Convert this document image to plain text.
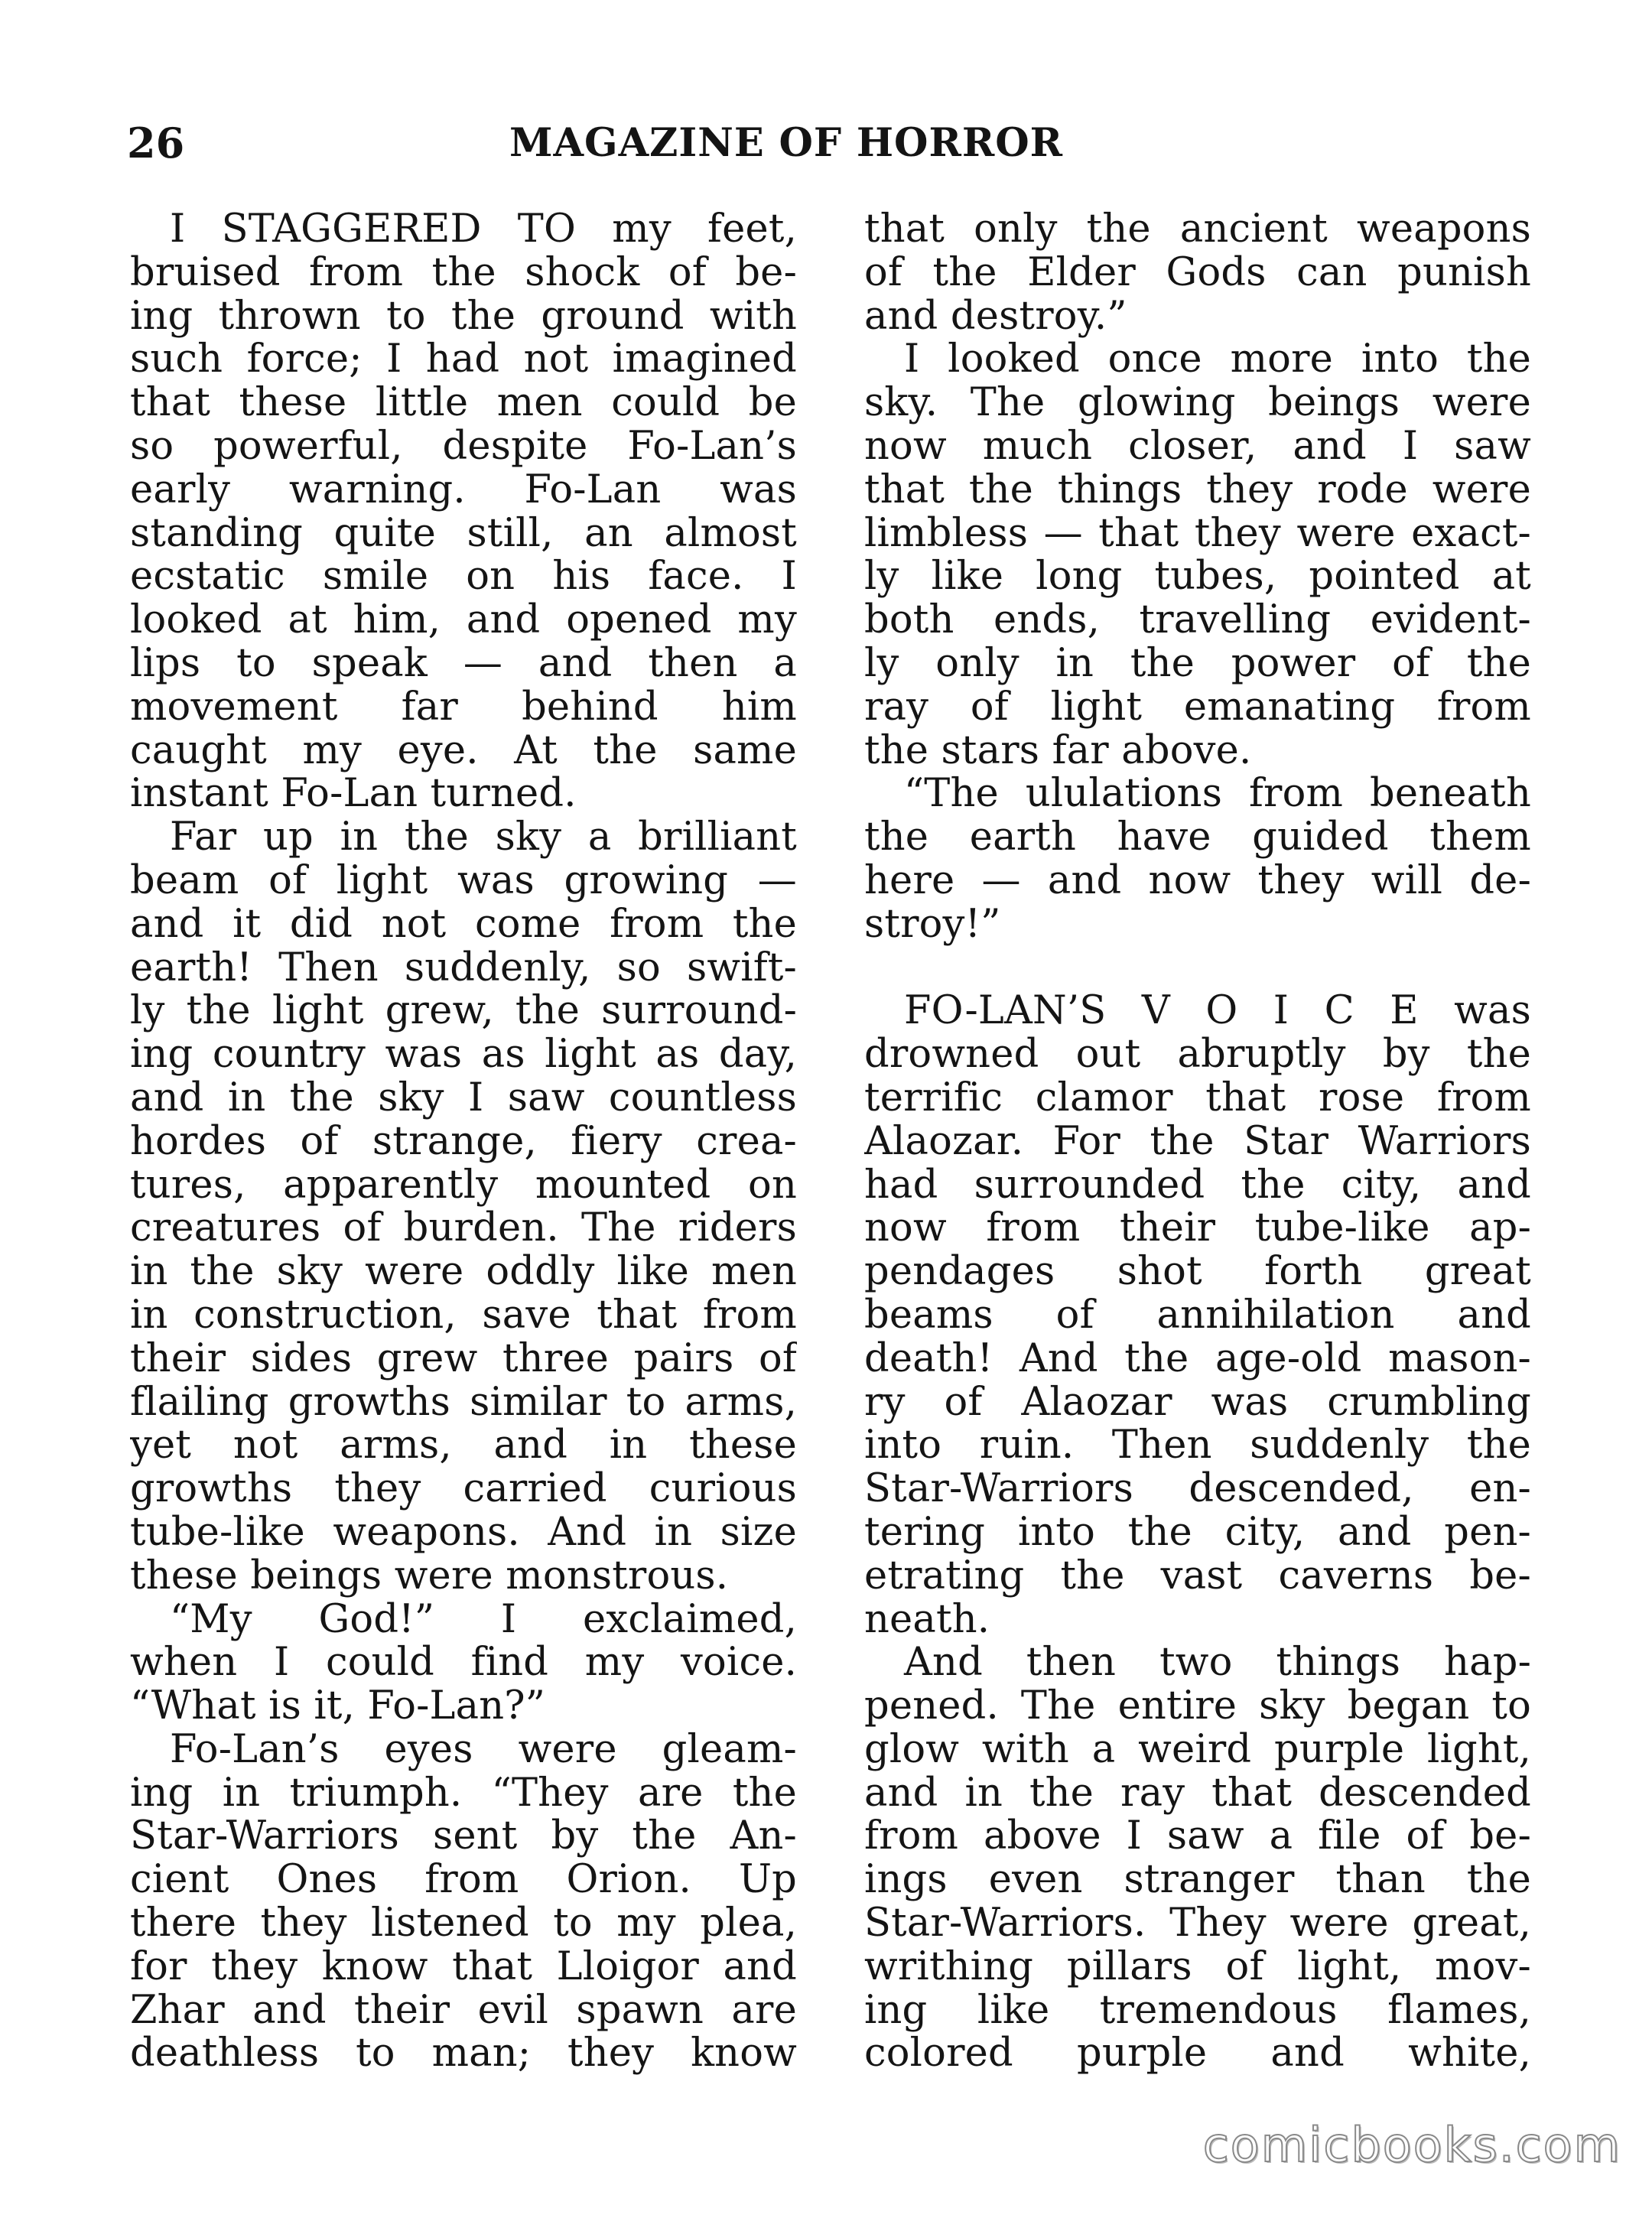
26	MAGAZINE OF HORROR
I STAGGERED TO my feet,
bruised from the shock of be-
ing thrown to the ground with
such force; I had not imagined
that these little men could be
so powerful, despite Fo-Lan’s
early warning. Fo-Lan was
standing quite still, an almost
ecstatic smile on his face. I
looked at him, and opened my
lips to speak — and then a
movement far behind him
caught my eye. At the same
instant Fo-Lan turned.
Far up in the sky a brilliant
beam of light was growing —
and it did not come from the
earth! Then suddenly, so swift-
ly the light grew, the surround-
ing country was as light as day,
and in the sky I saw countless
hordes of strange, fiery crea-
tures, apparently mounted on
creatures of burden. The riders
in the sky were oddly like men
in construction, save that from
their sides grew three pairs of
flailing growths similar to arms,
yet not arms, and in these
growths they carried curious
tube-like weapons. And in size
these beings were monstrous.
“My God!” I exclaimed,
when I could find my voice.
“What is it, Fo-Lan?”
Fo-Lan’s eyes were gleam-
ing in triumph. “They are the
Star-Warriors sent by the An-
cient Ones from Orion. Up
there they listened to my plea,
for they know that Lloigor and
Zhar and their evil spawn are
deathless to man; they know
that only the ancient weapons
of the Elder Gods can punish
and destroy.”
I looked once more into the
sky. The glowing beings were
now much closer, and I saw
that the things they rode were
limbless — that they were exact-
ly like long tubes, pointed at
both ends, travelling evident-
ly only in the power of the
ray of light emanating from
the stars far above.
“The ululations from beneath
the earth have guided them
here — and now they will de-
stroy!”
FO-LAN’S V O I C E was
drowned out abruptly by the
terrific clamor that rose from
Alaozar. For the Star Warriors
had surrounded the city, and
now from their tube-like ap-
pendages shot forth great
beams of annihilation and
death! And the age-old mason-
ry of Alaozar was crumbling
into ruin. Then suddenly the
Star-Warriors descended, en-
tering into the city, and pen-
etrating the vast caverns be-
neath.
And then two things hap-
pened. The entire sky began to
glow with a weird purple light,
and in the ray that descended
from above I saw a file of be-
ings even stranger than the
Star-Warriors. They were great,
writhing pillars of light, mov-
ing like tremendous flames,
colored purple and white,
comicbooks.com
